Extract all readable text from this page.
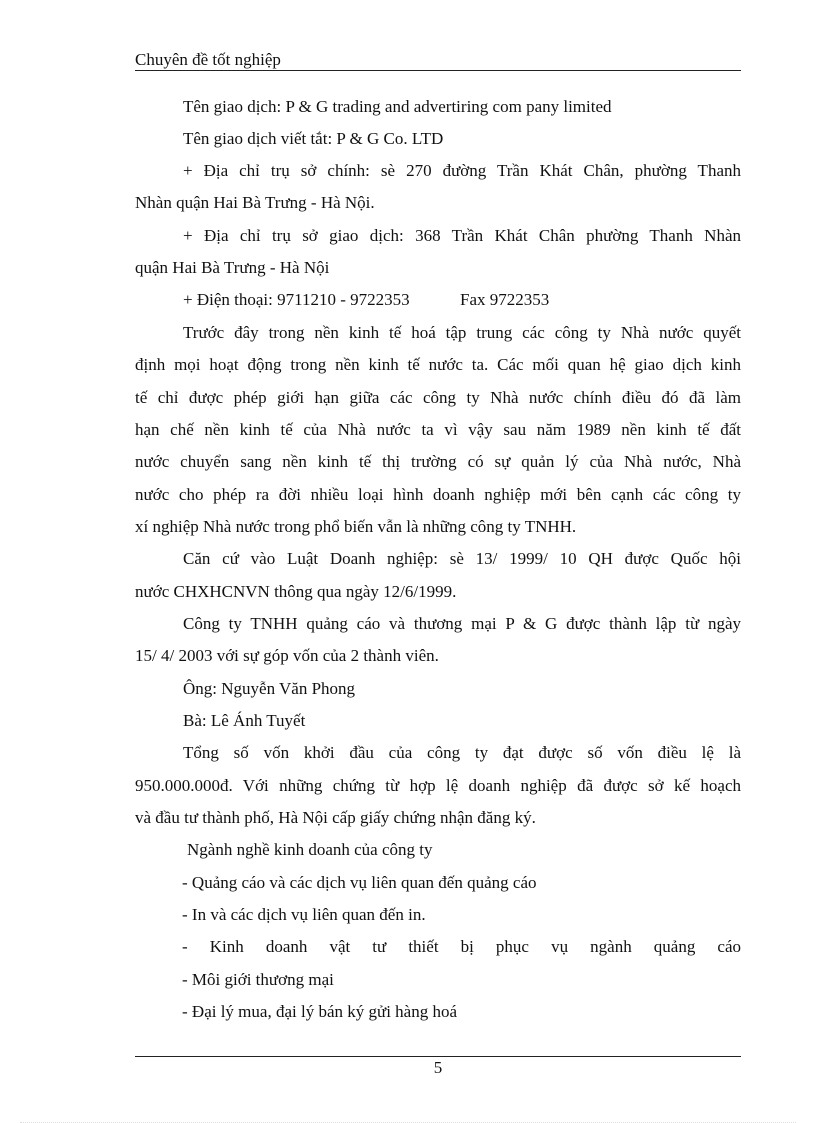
Chuyên đề tốt nghiệp
Tên giao dịch: P & G trading and advertiring com pany limited
Tên giao dịch viết tắt: P & G Co. LTD
+ Địa chỉ trụ sở chính: sè 270 đường Trần Khát Chân, phường Thanh
Nhàn quận Hai Bà Trưng - Hà Nội.
+ Địa chỉ trụ sở giao dịch: 368 Trần Khát Chân phường Thanh Nhàn
quận Hai Bà Trưng - Hà Nội
+ Điện thoại: 9711210 - 9722353	Fax 9722353
Trước đây trong nền kinh tế hoá tập trung các công ty Nhà nước quyết
định mọi hoạt động trong nền kinh tế nước ta. Các mối quan hệ giao dịch kinh
tế chỉ được phép giới hạn giữa các công ty Nhà nước chính điều đó đã làm
hạn chế nền kinh tế của Nhà nước ta vì vậy sau năm 1989 nền kinh tế đất
nước chuyển sang nền kinh tế thị trường có sự quản lý của Nhà nước, Nhà
nước cho phép ra đời nhiều loại hình doanh nghiệp mới bên cạnh các công ty
xí nghiệp Nhà nước trong phổ biến vẫn là những công ty TNHH.
Căn cứ vào Luật Doanh nghiệp: sè 13/ 1999/ 10 QH được Quốc hội
nước CHXHCNVN thông qua ngày 12/6/1999.
Công ty TNHH quảng cáo và thương mại P & G được thành lập từ ngày
15/ 4/ 2003 với sự góp vốn của 2 thành viên.
Ông: Nguyễn Văn Phong
Bà: Lê Ánh Tuyết
Tổng số vốn khởi đầu của công ty đạt được số vốn điều lệ là
950.000.000đ. Với những chứng từ hợp lệ doanh nghiệp đã được sở kế hoạch
và đầu tư thành phố, Hà Nội cấp giấy chứng nhận đăng ký.
Ngành nghề kinh doanh của công ty
- Quảng cáo và các dịch vụ liên quan đến quảng cáo
- In và các dịch vụ liên quan đến in.
- Kinh doanh vật tư thiết bị phục vụ ngành quảng cáo
- Môi giới thương mại
- Đại lý mua, đại lý bán ký gửi hàng hoá
5
